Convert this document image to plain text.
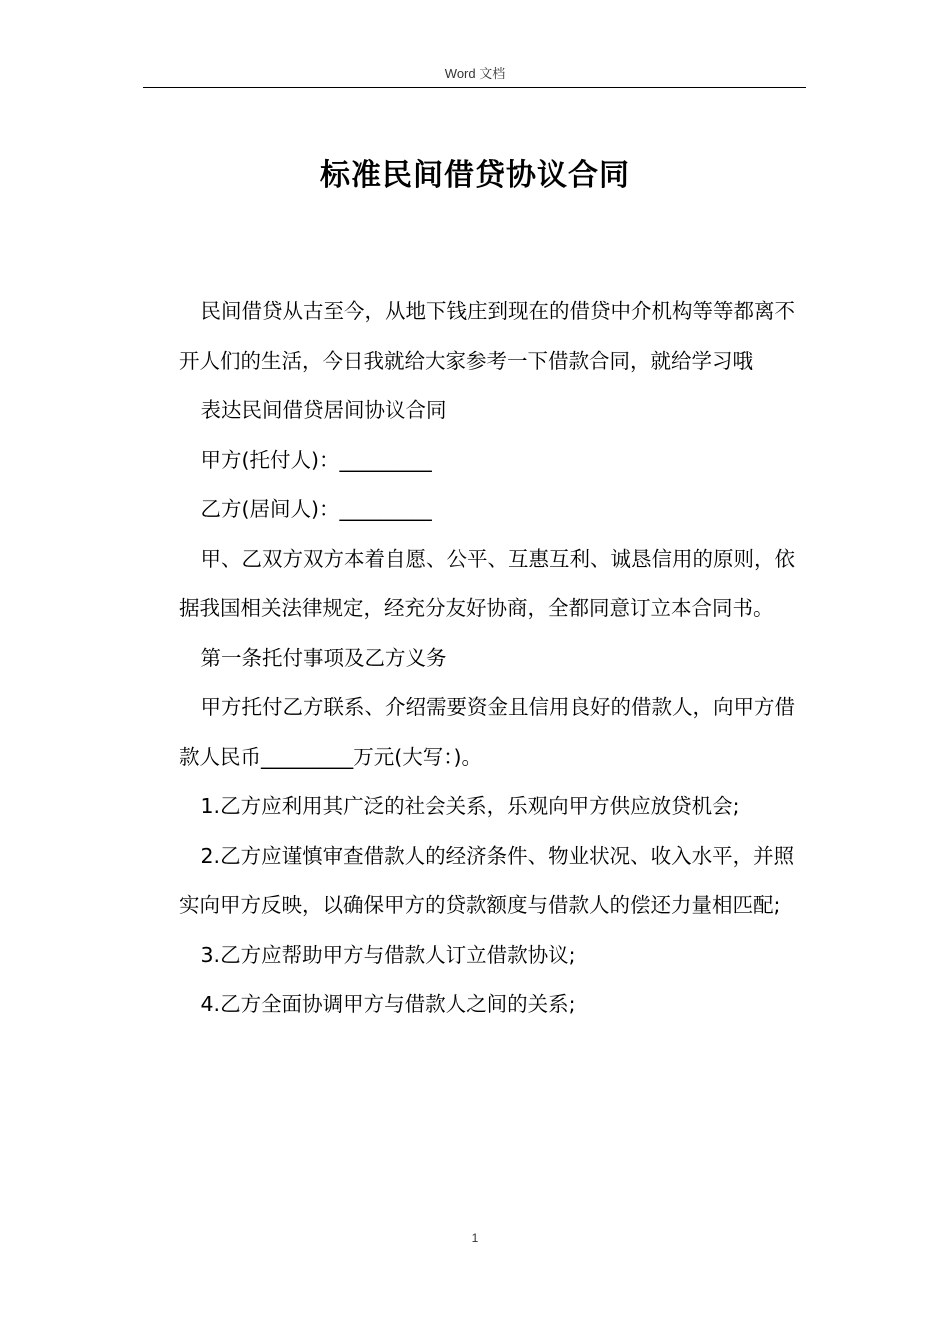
Word 文档
标准民间借贷协议合同

民间借贷从古至今，从地下钱庄到现在的借贷中介机构等等都离不开人们的生活，今日我就给大家参考一下借款合同，就给学习哦

表达民间借贷居间协议合同

甲方(托付人)：_________

乙方(居间人)：_________

甲、乙双方双方本着自愿、公平、互惠互利、诚恳信用的原则，依据我国相关法律规定，经充分友好协商，全都同意订立本合同书。

第一条托付事项及乙方义务

甲方托付乙方联系、介绍需要资金且信用良好的借款人，向甲方借款人民币_________万元(大写：)。

1.乙方应利用其广泛的社会关系，乐观向甲方供应放贷机会;

2.乙方应谨慎审查借款人的经济条件、物业状况、收入水平，并照实向甲方反映，以确保甲方的贷款额度与借款人的偿还力量相匹配;

3.乙方应帮助甲方与借款人订立借款协议;

4.乙方全面协调甲方与借款人之间的关系;

1
